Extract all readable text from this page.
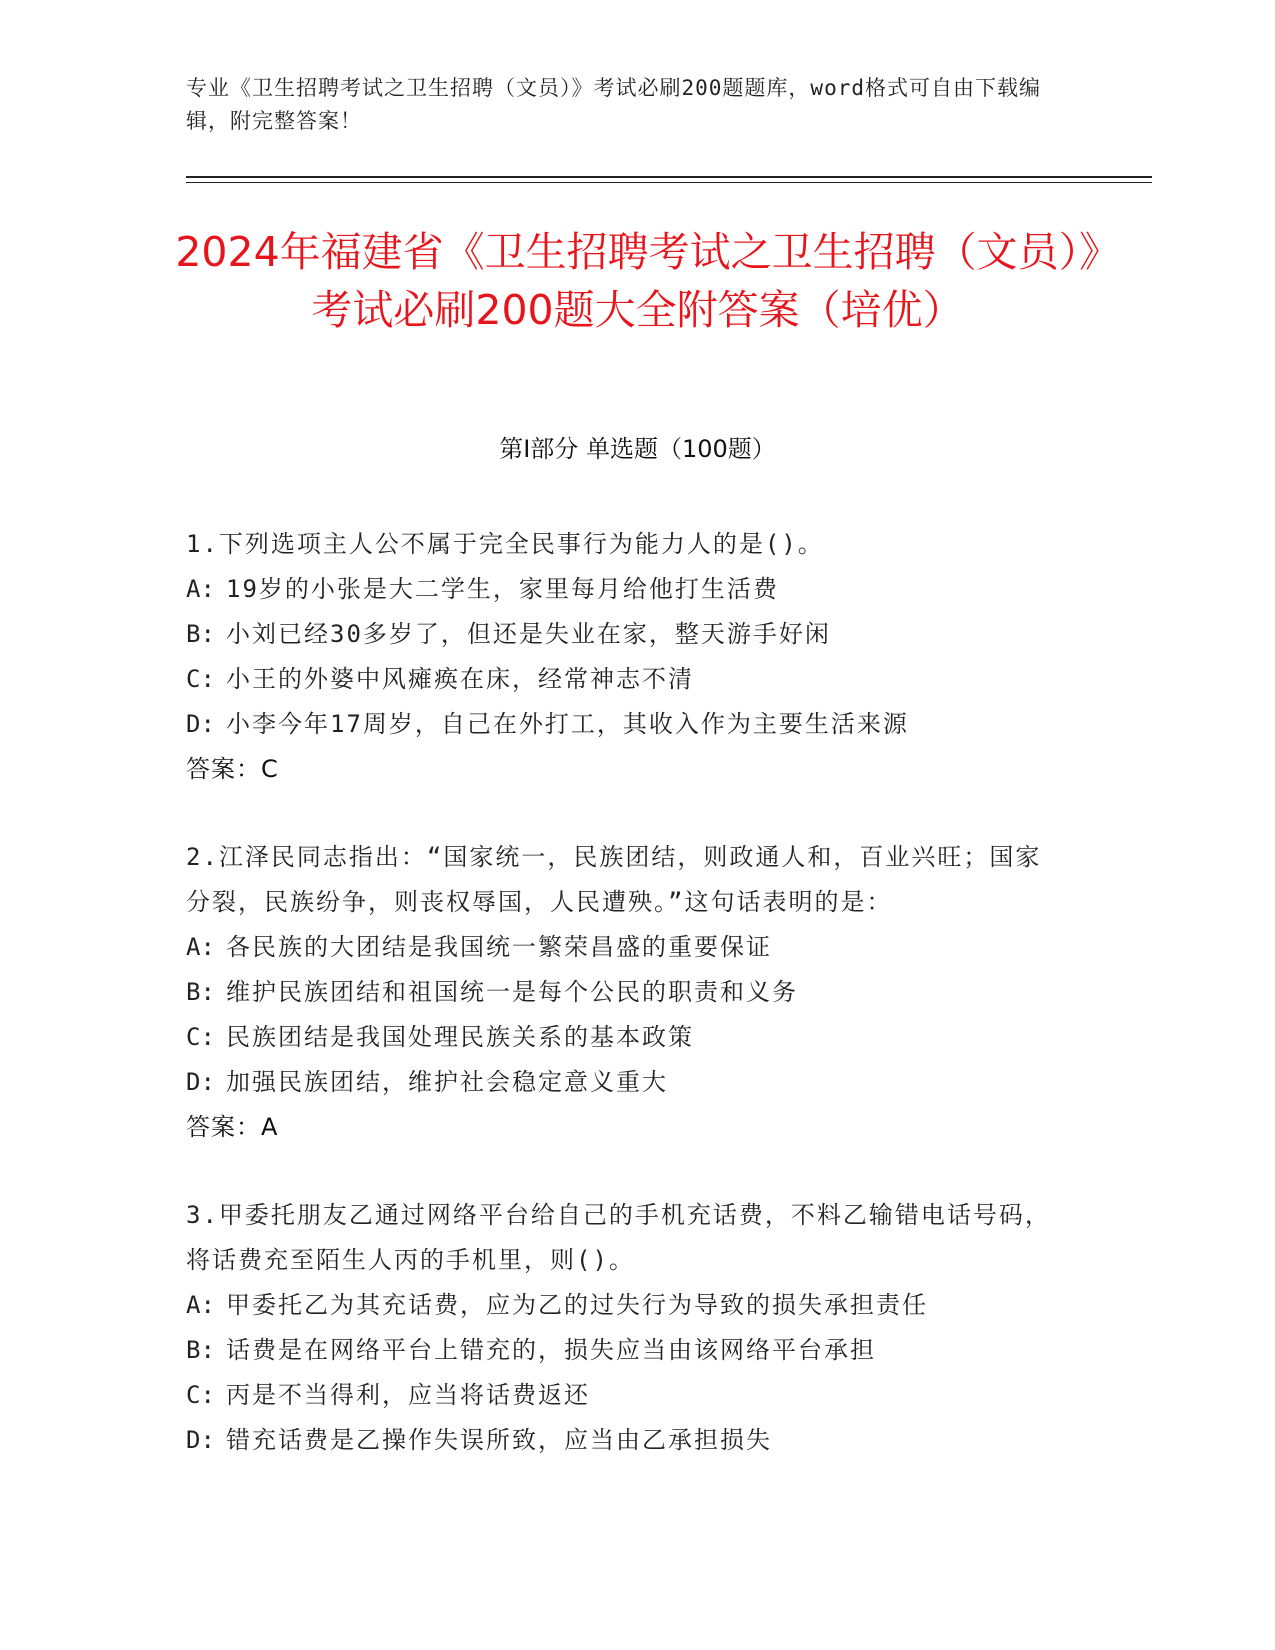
专业《卫生招聘考试之卫生招聘（文员）》考试必刷200题题库，word格式可自由下载编辑，附完整答案！
2024年福建省《卫生招聘考试之卫生招聘（文员）》考试必刷200题大全附答案（培优）
第Ⅰ部分 单选题（100题）
1.下列选项主人公不属于完全民事行为能力人的是()。
A: 19岁的小张是大二学生，家里每月给他打生活费
B: 小刘已经30多岁了，但还是失业在家，整天游手好闲
C: 小王的外婆中风瘫痪在床，经常神志不清
D: 小李今年17周岁，自己在外打工，其收入作为主要生活来源
答案：C
2.江泽民同志指出：“国家统一，民族团结，则政通人和，百业兴旺；国家分裂，民族纷争，则丧权辱国，人民遭殃。”这句话表明的是：
A: 各民族的大团结是我国统一繁荣昌盛的重要保证
B: 维护民族团结和祖国统一是每个公民的职责和义务
C: 民族团结是我国处理民族关系的基本政策
D: 加强民族团结，维护社会稳定意义重大
答案：A
3.甲委托朋友乙通过网络平台给自己的手机充话费，不料乙输错电话号码，将话费充至陌生人丙的手机里，则()。
A: 甲委托乙为其充话费，应为乙的过失行为导致的损失承担责任
B: 话费是在网络平台上错充的，损失应当由该网络平台承担
C: 丙是不当得利，应当将话费返还
D: 错充话费是乙操作失误所致，应当由乙承担损失
